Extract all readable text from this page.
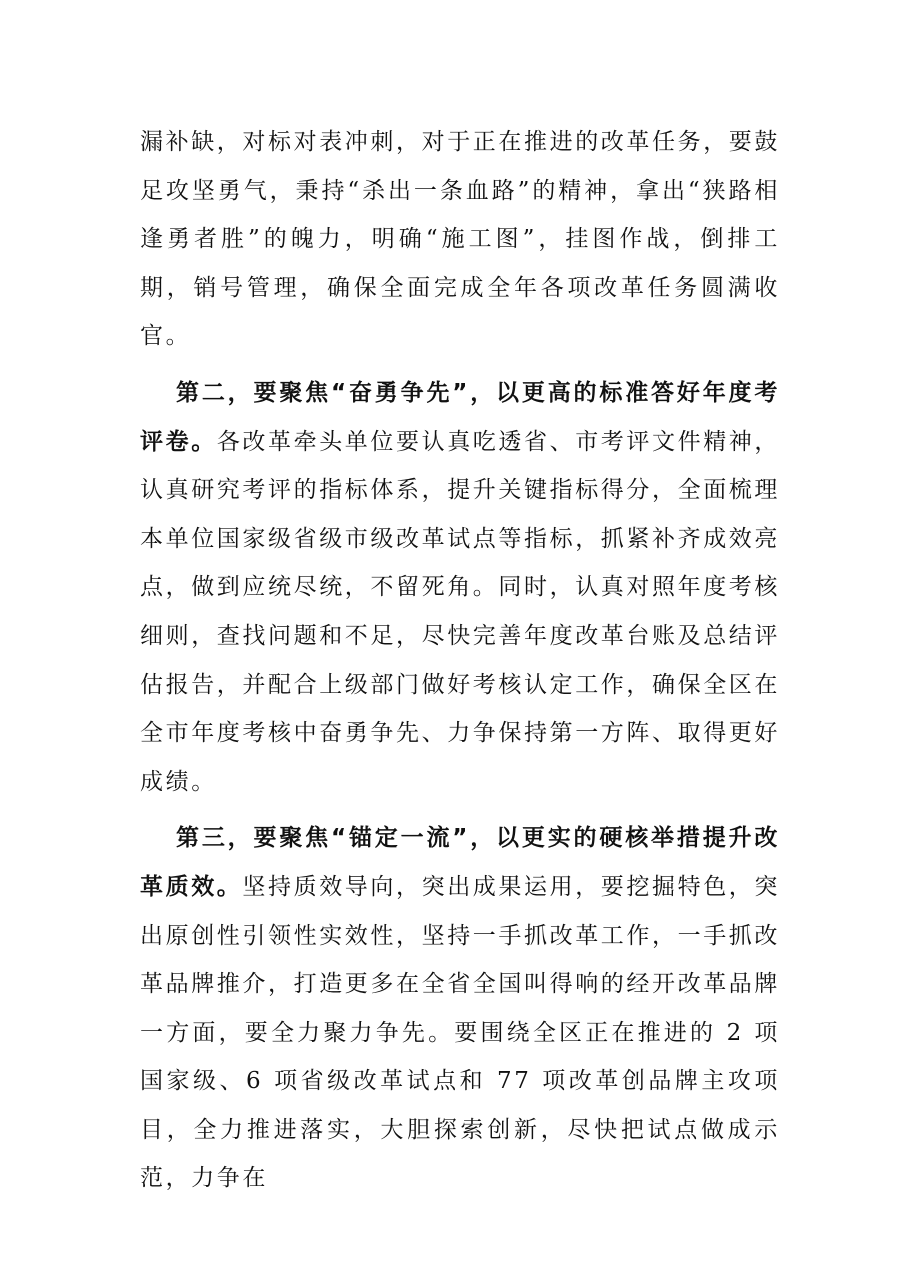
漏补缺，对标对表冲刺，对于正在推进的改革任务，要鼓足攻坚勇气，秉持“杀出一条血路”的精神，拿出“狭路相逢勇者胜”的魄力，明确“施工图”，挂图作战，倒排工期，销号管理，确保全面完成全年各项改革任务圆满收官。

第二，要聚焦“奋勇争先”，以更高的标准答好年度考评卷。各改革牵头单位要认真吃透省、市考评文件精神，认真研究考评的指标体系，提升关键指标得分，全面梳理本单位国家级省级市级改革试点等指标，抓紧补齐成效亮点，做到应统尽统，不留死角。同时，认真对照年度考核细则，查找问题和不足，尽快完善年度改革台账及总结评估报告，并配合上级部门做好考核认定工作，确保全区在全市年度考核中奋勇争先、力争保持第一方阵、取得更好成绩。

第三，要聚焦“锚定一流”，以更实的硬核举措提升改革质效。坚持质效导向，突出成果运用，要挖掘特色，突出原创性引领性实效性，坚持一手抓改革工作，一手抓改革品牌推介，打造更多在全省全国叫得响的经开改革品牌一方面，要全力聚力争先。要围绕全区正在推进的 2 项国家级、6 项省级改革试点和 77 项改革创品牌主攻项目，全力推进落实，大胆探索创新，尽快把试点做成示范，力争在
